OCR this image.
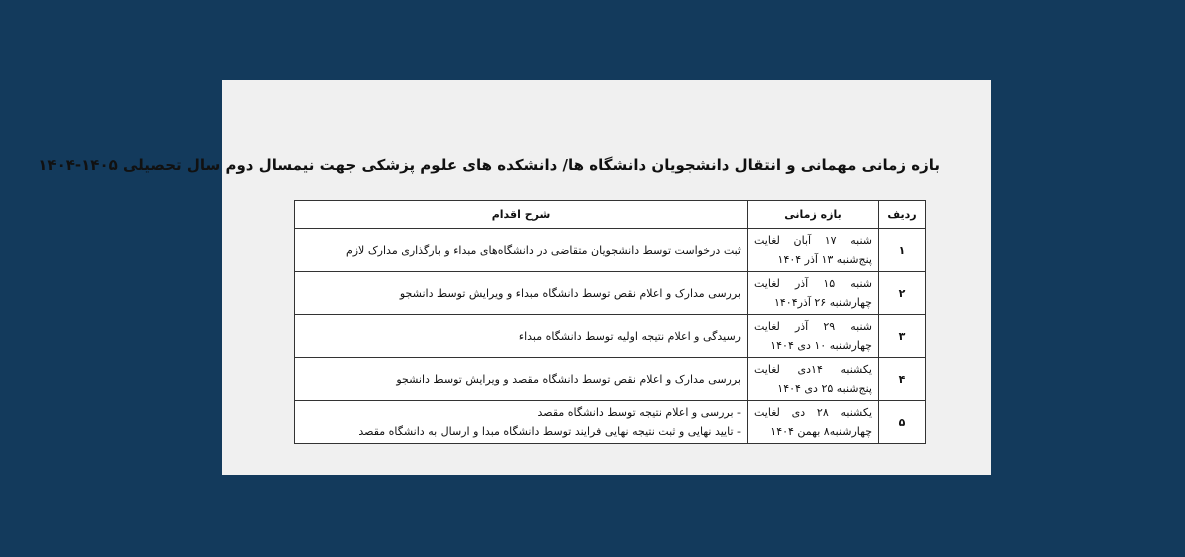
بازه زمانی مهمانی و انتقال دانشجویان دانشگاه ها/ دانشکده های علوم پزشکی جهت نیمسال دوم سال تحصیلی ۱۴۰۵-۱۴۰۴
ردیف	بازه زمانی	شرح اقدام
۱	شنبه ۱۷ آبان لغایت
پنج‌شنبه ۱۳ آذر ۱۴۰۴	ثبت درخواست توسط دانشجویان متقاضی در دانشگاه‌های مبداء و بارگذاری مدارک لازم

۲	شنبه ۱۵ آذر لغایت
چهارشنبه ۲۶ آذر۱۴۰۴	بررسی مدارک و اعلام نقص توسط دانشگاه مبداء و ویرایش توسط دانشجو

۳	شنبه ۲۹ آذر لغایت
چهارشنبه ۱۰ دی ۱۴۰۴	رسیدگی و اعلام نتیجه اولیه توسط دانشگاه مبداء

۴	یکشنبه ۱۴دی لغایت
پنج‌شنبه ۲۵ دی ۱۴۰۴	بررسی مدارک و اعلام نقص توسط دانشگاه مقصد و ویرایش توسط دانشجو

۵	یکشنبه ۲۸ دی لغایت
چهارشنبه۸ بهمن ۱۴۰۴	- بررسی و اعلام نتیجه توسط دانشگاه مقصد
- تایید نهایی و ثبت نتیجه نهایی فرایند توسط دانشگاه مبدا و ارسال به دانشگاه مقصد
